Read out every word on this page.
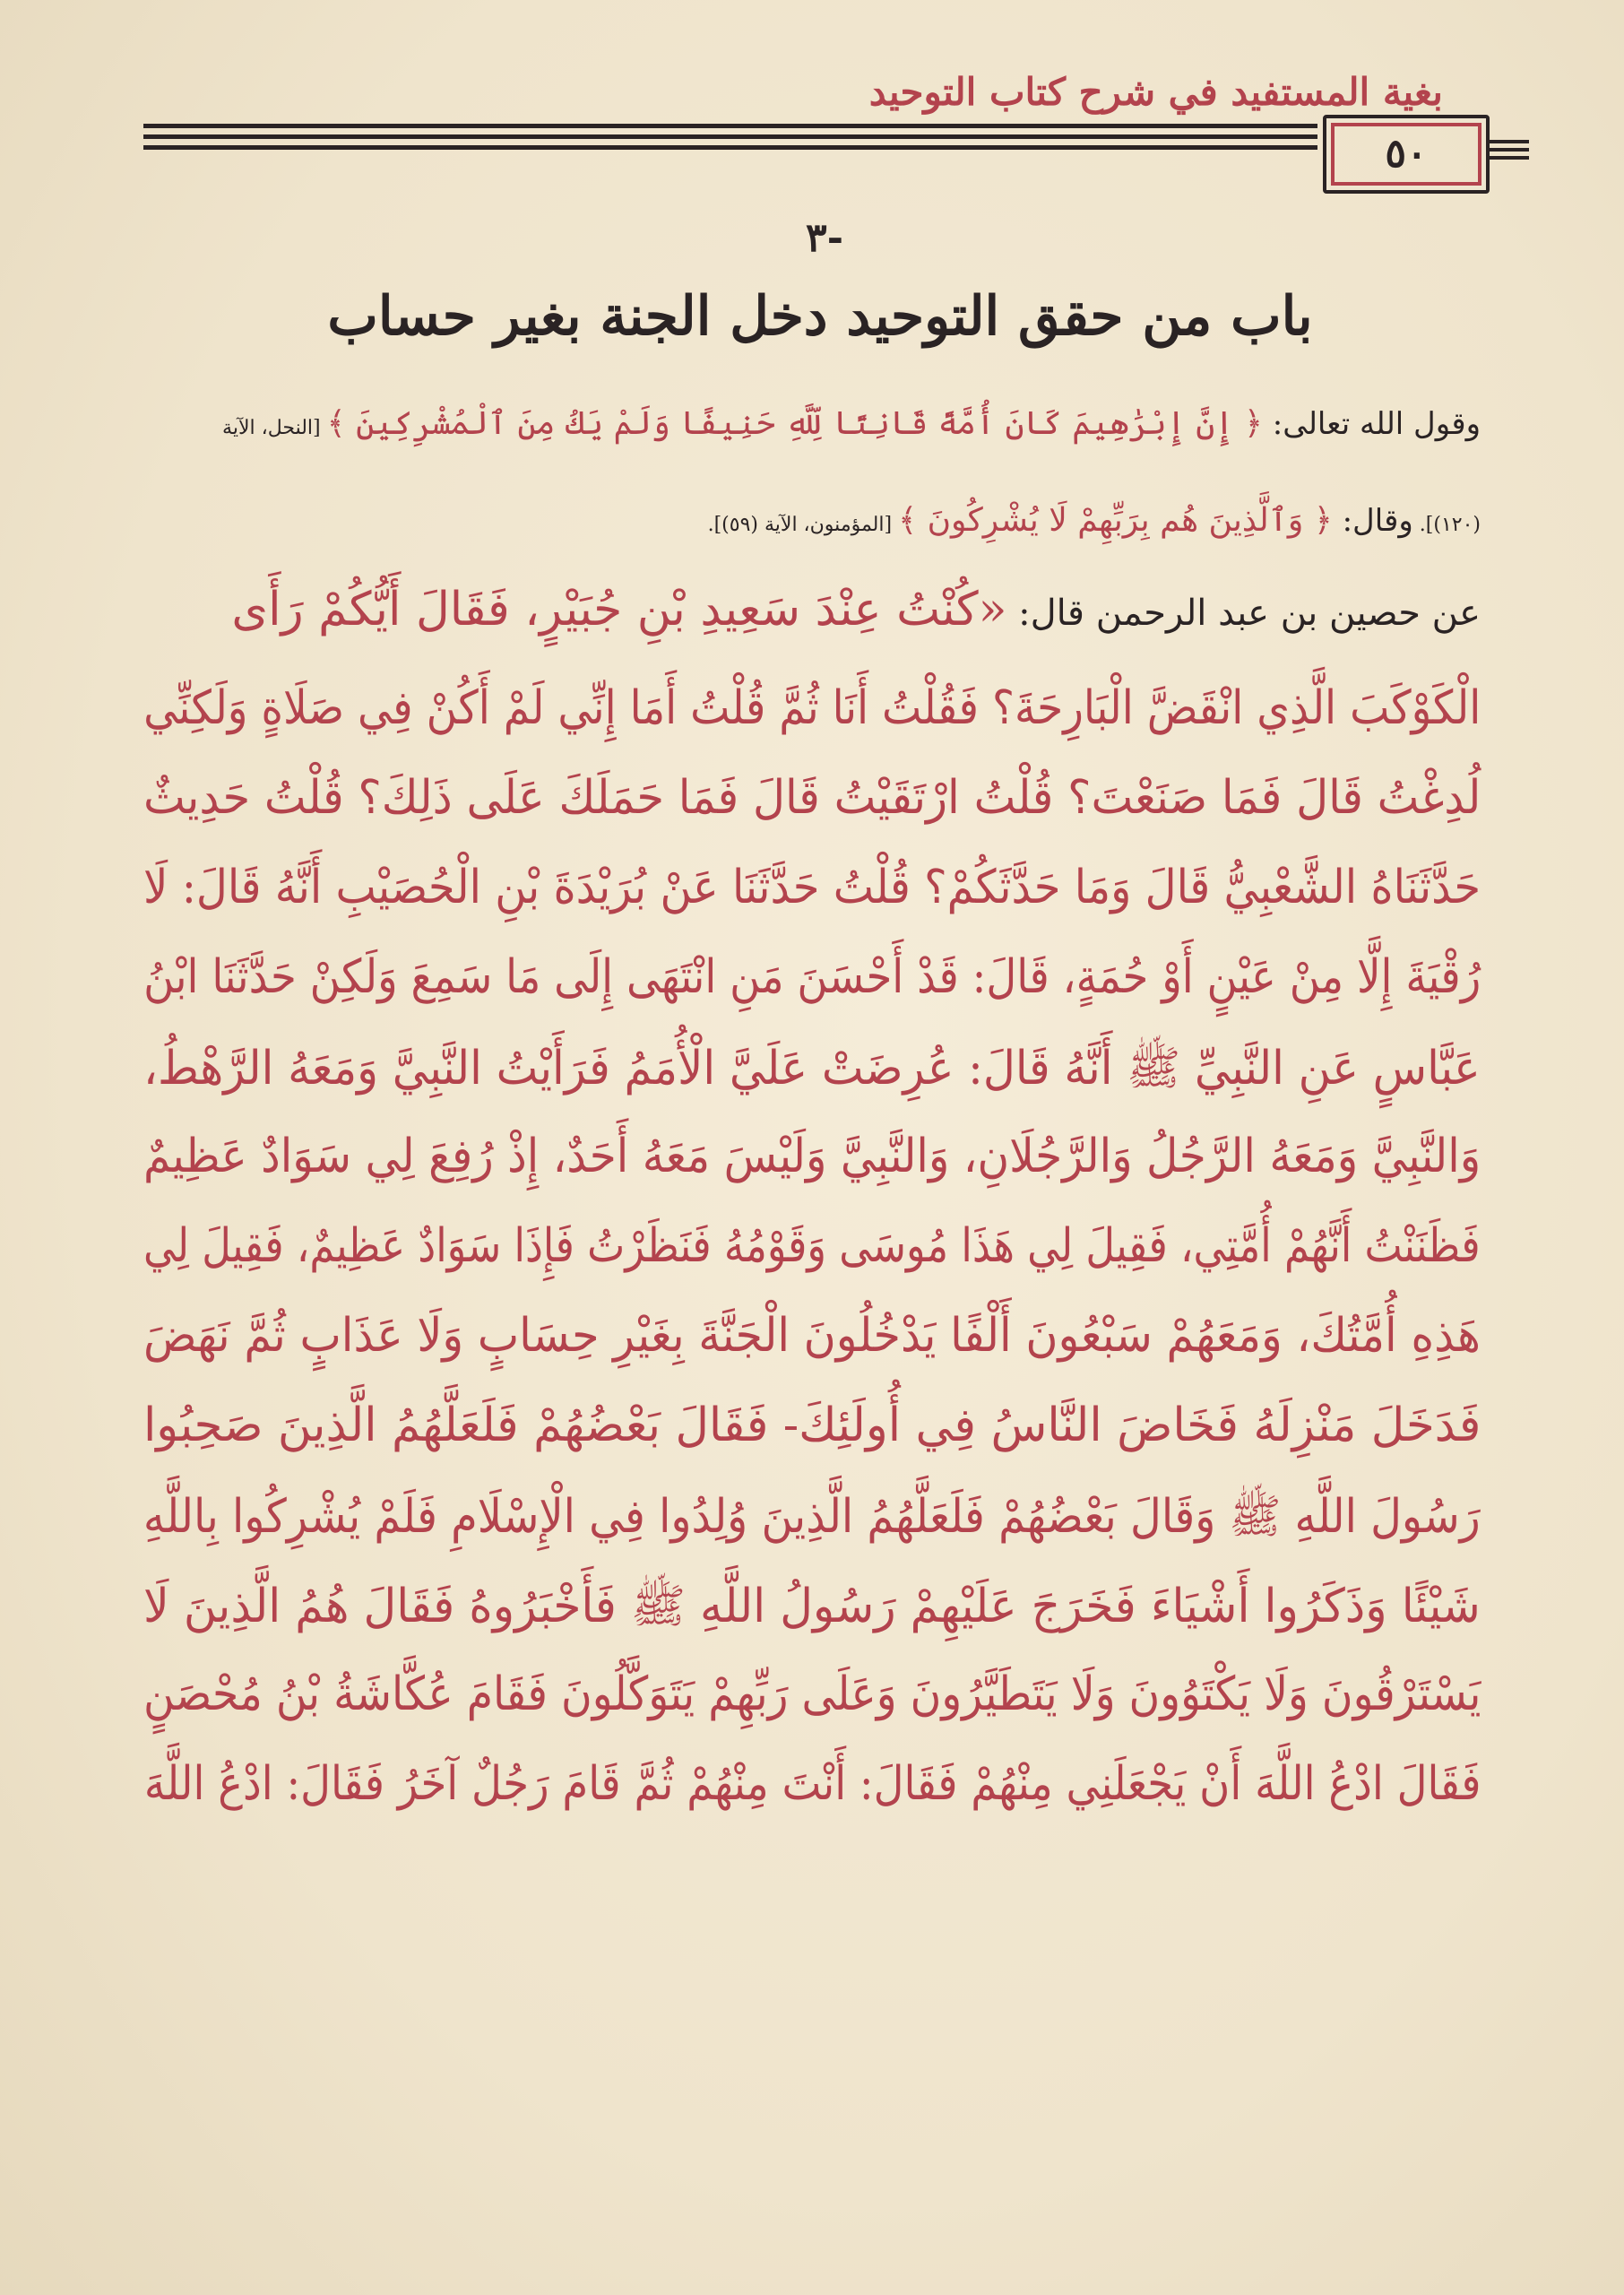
بغية المستفيد في شرح كتاب التوحيد
٥٠
-٣
باب من حقق التوحيد دخل الجنة بغير حساب
وقول الله تعالى: ﴿ إِنَّ إِبْرَٰهِيمَ كَانَ أُمَّةً قَانِتًا لِّلَّهِ حَنِيفًا وَلَمْ يَكُ مِنَ ٱلْمُشْرِكِينَ ﴾ [النحل، الآية
(١٢٠)]. وقال: ﴿ وَٱلَّذِينَ هُم بِرَبِّهِمْ لَا يُشْرِكُونَ ﴾ [المؤمنون، الآية (٥٩)].
عن حصين بن عبد الرحمن قال: «كُنْتُ عِنْدَ سَعِيدِ بْنِ جُبَيْرٍ، فَقَالَ أَيُّكُمْ رَأَى
الْكَوْكَبَ الَّذِي انْقَضَّ الْبَارِحَةَ؟ فَقُلْتُ أَنَا ثُمَّ قُلْتُ أَمَا إِنِّي لَمْ أَكُنْ فِي صَلَاةٍ وَلَكِنِّي
لُدِغْتُ قَالَ فَمَا صَنَعْتَ؟ قُلْتُ ارْتَقَيْتُ قَالَ فَمَا حَمَلَكَ عَلَى ذَلِكَ؟ قُلْتُ حَدِيثٌ
حَدَّثَنَاهُ الشَّعْبِيُّ قَالَ وَمَا حَدَّثَكُمْ؟ قُلْتُ حَدَّثَنَا عَنْ بُرَيْدَةَ بْنِ الْحُصَيْبِ أَنَّهُ قَالَ: لَا
رُقْيَةَ إِلَّا مِنْ عَيْنٍ أَوْ حُمَةٍ، قَالَ: قَدْ أَحْسَنَ مَنِ انْتَهَى إِلَى مَا سَمِعَ وَلَكِنْ حَدَّثَنَا ابْنُ
عَبَّاسٍ عَنِ النَّبِيِّ ﷺ أَنَّهُ قَالَ: عُرِضَتْ عَلَيَّ الْأُمَمُ فَرَأَيْتُ النَّبِيَّ وَمَعَهُ الرَّهْطُ،
وَالنَّبِيَّ وَمَعَهُ الرَّجُلُ وَالرَّجُلَانِ، وَالنَّبِيَّ وَلَيْسَ مَعَهُ أَحَدٌ، إِذْ رُفِعَ لِي سَوَادٌ عَظِيمٌ
فَظَنَنْتُ أَنَّهُمْ أُمَّتِي، فَقِيلَ لِي هَذَا مُوسَى وَقَوْمُهُ فَنَظَرْتُ فَإِذَا سَوَادٌ عَظِيمٌ، فَقِيلَ لِي
هَذِهِ أُمَّتُكَ، وَمَعَهُمْ سَبْعُونَ أَلْفًا يَدْخُلُونَ الْجَنَّةَ بِغَيْرِ حِسَابٍ وَلَا عَذَابٍ ثُمَّ نَهَضَ
فَدَخَلَ مَنْزِلَهُ فَخَاضَ النَّاسُ فِي أُولَئِكَ- فَقَالَ بَعْضُهُمْ فَلَعَلَّهُمُ الَّذِينَ صَحِبُوا
رَسُولَ اللَّهِ ﷺ وَقَالَ بَعْضُهُمْ فَلَعَلَّهُمُ الَّذِينَ وُلِدُوا فِي الْإِسْلَامِ فَلَمْ يُشْرِكُوا بِاللَّهِ
شَيْئًا وَذَكَرُوا أَشْيَاءَ فَخَرَجَ عَلَيْهِمْ رَسُولُ اللَّهِ ﷺ فَأَخْبَرُوهُ فَقَالَ هُمُ الَّذِينَ لَا
يَسْتَرْقُونَ وَلَا يَكْتَوُونَ وَلَا يَتَطَيَّرُونَ وَعَلَى رَبِّهِمْ يَتَوَكَّلُونَ فَقَامَ عُكَّاشَةُ بْنُ مُحْصَنٍ
فَقَالَ ادْعُ اللَّهَ أَنْ يَجْعَلَنِي مِنْهُمْ فَقَالَ: أَنْتَ مِنْهُمْ ثُمَّ قَامَ رَجُلٌ آخَرُ فَقَالَ: ادْعُ اللَّهَ
